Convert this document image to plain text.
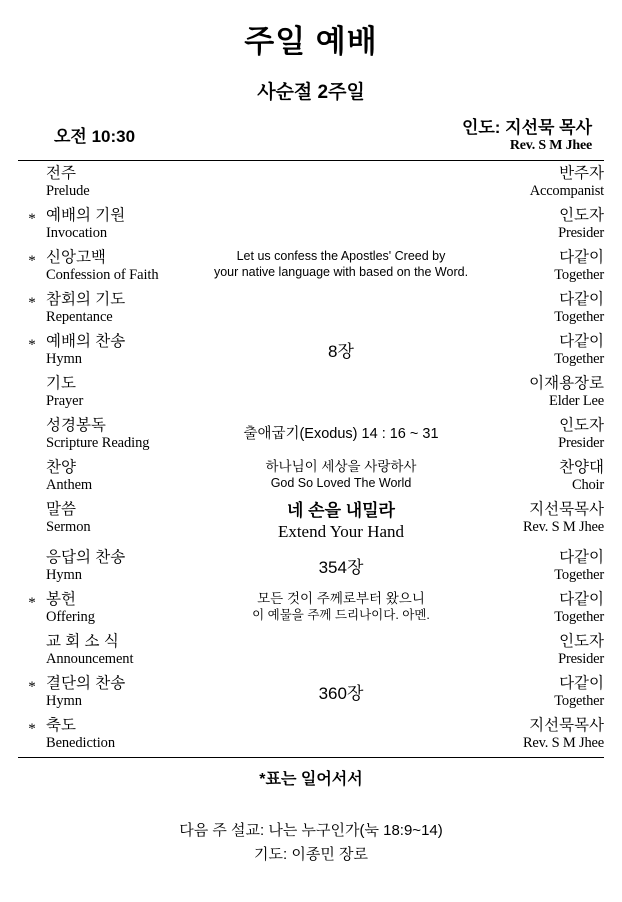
주일 예배
사순절 2주일
오전 10:30	인도: 지선묵 목사
Rev. S M Jhee

	전주
Prelude		반주자
Accompanist

*	예배의 기원
Invocation		인도자
Presider

*	신앙고백
Confession of Faith	Let us confess the Apostles' Creed by
your native language with based on the Word.	다같이
Together

*	참회의 기도
Repentance		다같이
Together

*	예배의 찬송
Hymn	8장	다같이
Together

	기도
Prayer		이재용장로
Elder Lee

	성경봉독
Scripture Reading	출애굽기(Exodus) 14 : 16 ~ 31	인도자
Presider

	찬양
Anthem	하나님이 세상을 사랑하사
God So Loved The World	찬양대
Choir

	말씀
Sermon	네 손을 내밀라
Extend Your Hand	지선묵목사
Rev. S M Jhee

	응답의 찬송
Hymn	354장	다같이
Together

*	봉헌
Offering	모든 것이 주께로부터 왔으니
이 예물을 주께 드리나이다. 아멘.	다같이
Together

	교 회 소 식
Announcement		인도자
Presider

*	결단의 찬송
Hymn	360장	다같이
Together

*	축도
Benediction		지선묵목사
Rev. S M Jhee
*표는 일어서서
다음 주 설교: 나는 누구인가(눅 18:9~14)
기도: 이종민 장로
